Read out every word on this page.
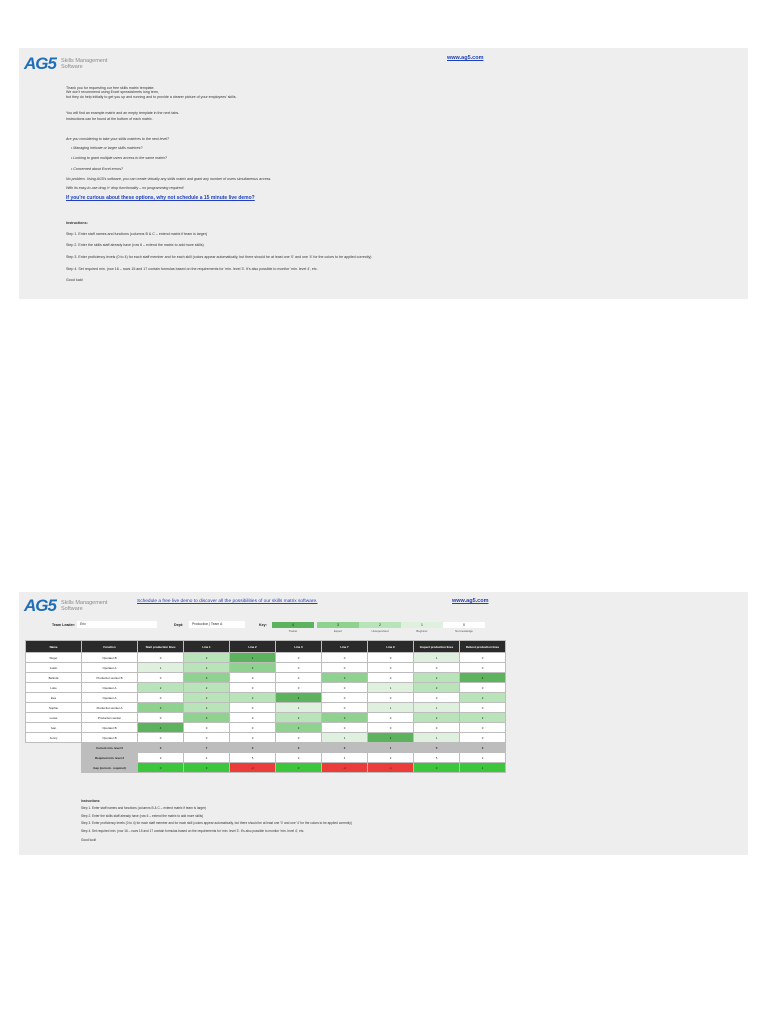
AG5 Skills Management
Software
www.ag5.com
Thank you for requesting our free skills matrix template.
We don't recommend using Excel spreadsheets long term,
but they do help initially to get you up and running and to provide a clearer picture of your employees' skills.
You will find an example matrix and an empty template in the next tabs.
Instructions can be found at the bottom of each matrix.
Are you considering to take your skills matrices to the next level?
• Managing intricate or larger skills matrices?
• Looking to grant multiple users access to the same matrix?
• Concerned about Excel errors?
No problem. Using AG5's software, you can create virtually any skills matrix and grant any number of users simultaneous access.
With its easy-to-use drag 'n' drop functionality – no programming required!
If you're curious about these options, why not schedule a 15 minute live demo?
Instructions:
Step 1. Enter staff names and functions (columns B & C – extend matrix if team is larger)
Step 2. Enter the skills staff already have (row 6 – extend the matrix to add more skills)
Step 3. Enter proficiency levels (0 to 4) for each staff member and for each skill (colors appear automatically, but there should be at least one '0' and one '4' for the colors to be applied correctly)
Step 4. Set required min. (row 16 – rows 15 and 17 contain formulas based on the requirements for 'min. level 3'. It's also possible to monitor 'min. level 4', etc.
Good luck!
AG5 Skills Management
Software
Schedule a free live demo to discover all the possibilities of our skills matrix software.	www.ag5.com
Team Leader:	Eric	Dept:	Production | Team A	Key:	4
Trainer
3
Expert
2
Unsupervised
1
Beginner
0
No knowledge
Name	Function	Start production lines	Line 1	Line 2	Line 3	Line 7	Line 9	Inspect production lines	Reboot production lines
Roger	Operator B	0	2	4	0	0	0	1	0
Justin	Operator A	1	2	3	0	0	0	0	0
Belinda	Production worker B	0	3	0	0	3	0	2	4
Lotte	Operator A	2	2	0	0	0	1	2	0
Eva	Operator A	0	2	2	4	0	0	0	2
Sophie	Production worker A	3	2	0	1	0	1	1	0
Lucas	Production worker	0	3	0	2	3	0	2	2
Ivan	Operator B	4	0	0	3	0	0	0	0
Jenny	Operator B	0	0	0	0	1	4	1	0
	Current min. level 3	3	7	3	3	2	1	5	3
	Required min. level 3	3	4	5	3	4	2	5	2
	Gap (current - required)	0	3	-2	0	-2	-1	0	1
Instructions:
Step 1. Enter staff names and functions (columns B & C – extend matrix if team is larger)
Step 2. Enter the skills staff already have (row 6 – extend the matrix to add more skills)
Step 3. Enter proficiency levels (0 to 4) for each staff member and for each skill (colors appear automatically, but there should be at least one '0' and one '4' for the colors to be applied correctly)
Step 4. Set required min. (row 16 – rows 15 and 17 contain formulas based on the requirements for 'min. level 3'. It's also possible to monitor 'min. level 4', etc.
Good luck!
